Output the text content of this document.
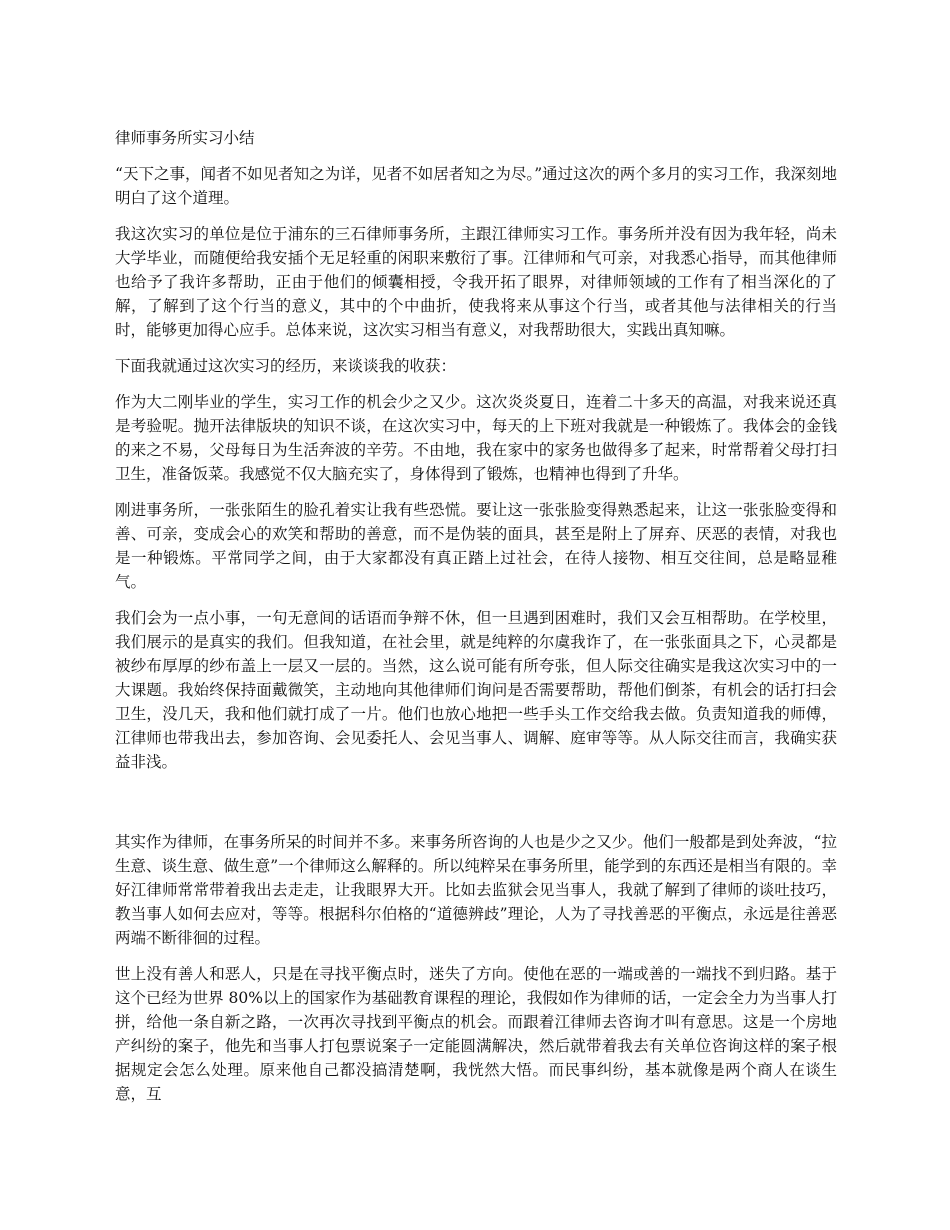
律师事务所实习小结

“天下之事，闻者不如见者知之为详，见者不如居者知之为尽。”通过这次的两个多月的实习工作，我深刻地明白了这个道理。

我这次实习的单位是位于浦东的三石律师事务所，主跟江律师实习工作。事务所并没有因为我年轻，尚未大学毕业，而随便给我安插个无足轻重的闲职来敷衍了事。江律师和气可亲，对我悉心指导，而其他律师也给予了我许多帮助，正由于他们的倾囊相授，令我开拓了眼界，对律师领域的工作有了相当深化的了解，了解到了这个行当的意义，其中的个中曲折，使我将来从事这个行当，或者其他与法律相关的行当时，能够更加得心应手。总体来说，这次实习相当有意义，对我帮助很大，实践出真知嘛。

下面我就通过这次实习的经历，来谈谈我的收获：

作为大二刚毕业的学生，实习工作的机会少之又少。这次炎炎夏日，连着二十多天的高温，对我来说还真是考验呢。抛开法律版块的知识不谈，在这次实习中，每天的上下班对我就是一种锻炼了。我体会的金钱的来之不易，父母每日为生活奔波的辛劳。不由地，我在家中的家务也做得多了起来，时常帮着父母打扫卫生，准备饭菜。我感觉不仅大脑充实了，身体得到了锻炼，也精神也得到了升华。

刚进事务所，一张张陌生的脸孔着实让我有些恐慌。要让这一张张脸变得熟悉起来，让这一张张脸变得和善、可亲，变成会心的欢笑和帮助的善意，而不是伪装的面具，甚至是附上了屏弃、厌恶的表情，对我也是一种锻炼。平常同学之间，由于大家都没有真正踏上过社会，在待人接物、相互交往间，总是略显稚气。

我们会为一点小事，一句无意间的话语而争辩不休，但一旦遇到困难时，我们又会互相帮助。在学校里，我们展示的是真实的我们。但我知道，在社会里，就是纯粹的尔虞我诈了，在一张张面具之下，心灵都是被纱布厚厚的纱布盖上一层又一层的。当然，这么说可能有所夸张，但人际交往确实是我这次实习中的一大课题。我始终保持面戴微笑，主动地向其他律师们询问是否需要帮助，帮他们倒茶，有机会的话打扫会卫生，没几天，我和他们就打成了一片。他们也放心地把一些手头工作交给我去做。负责知道我的师傅，江律师也带我出去，参加咨询、会见委托人、会见当事人、调解、庭审等等。从人际交往而言，我确实获益非浅。

其实作为律师，在事务所呆的时间并不多。来事务所咨询的人也是少之又少。他们一般都是到处奔波，“拉生意、谈生意、做生意”一个律师这么解释的。所以纯粹呆在事务所里，能学到的东西还是相当有限的。幸好江律师常常带着我出去走走，让我眼界大开。比如去监狱会见当事人，我就了解到了律师的谈吐技巧，教当事人如何去应对，等等。根据科尔伯格的“道德辨歧”理论，人为了寻找善恶的平衡点，永远是往善恶两端不断徘徊的过程。

世上没有善人和恶人，只是在寻找平衡点时，迷失了方向。使他在恶的一端或善的一端找不到归路。基于这个已经为世界 80%以上的国家作为基础教育课程的理论，我假如作为律师的话，一定会全力为当事人打拼，给他一条自新之路，一次再次寻找到平衡点的机会。而跟着江律师去咨询才叫有意思。这是一个房地产纠纷的案子，他先和当事人打包票说案子一定能圆满解决，然后就带着我去有关单位咨询这样的案子根据规定会怎么处理。原来他自己都没搞清楚啊，我恍然大悟。而民事纠纷，基本就像是两个商人在谈生意，互
